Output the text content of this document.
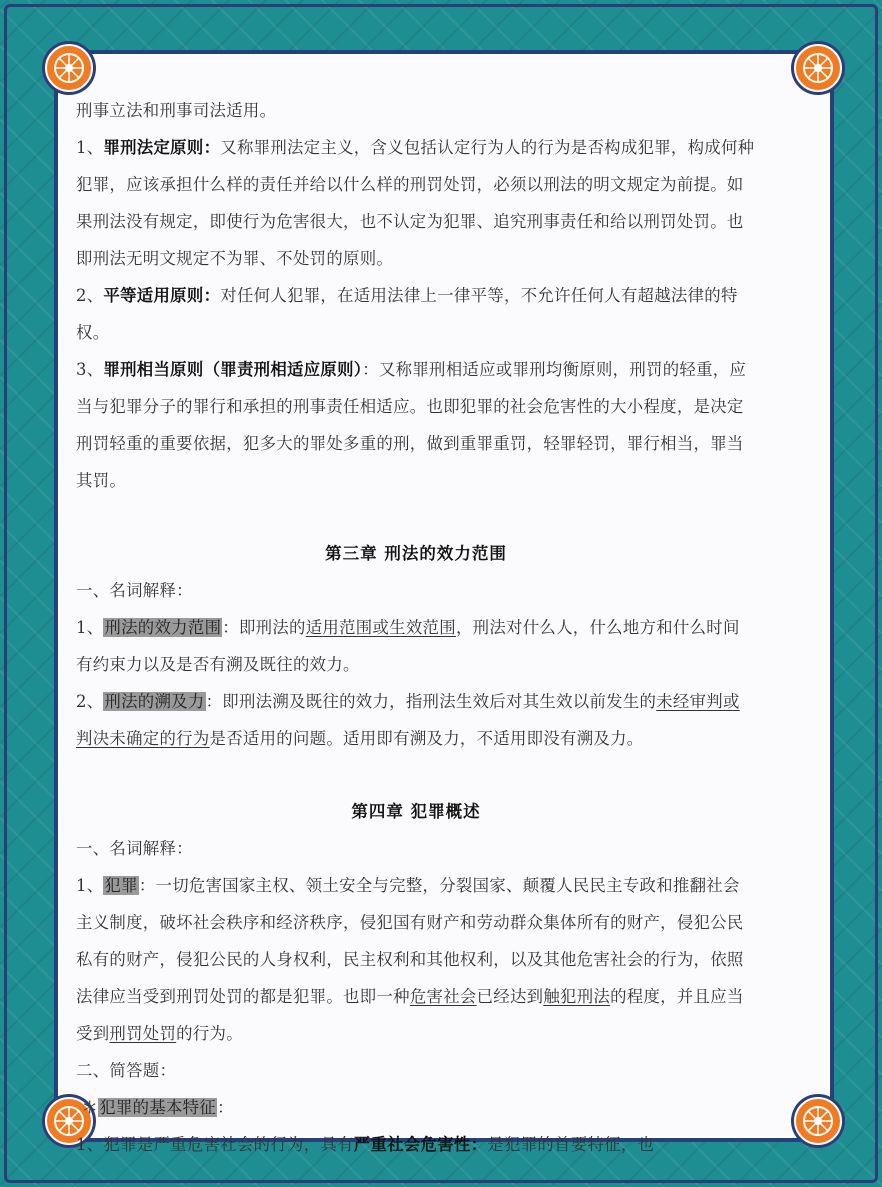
刑事立法和刑事司法适用。

1、罪刑法定原则：又称罪刑法定主义，含义包括认定行为人的行为是否构成犯罪，构成何种犯罪，应该承担什么样的责任并给以什么样的刑罚处罚，必须以刑法的明文规定为前提。如果刑法没有规定，即使行为危害很大，也不认定为犯罪、追究刑事责任和给以刑罚处罚。也即刑法无明文规定不为罪、不处罚的原则。

2、平等适用原则：对任何人犯罪，在适用法律上一律平等，不允许任何人有超越法律的特权。

3、罪刑相当原则（罪责刑相适应原则）：又称罪刑相适应或罪刑均衡原则，刑罚的轻重，应当与犯罪分子的罪行和承担的刑事责任相适应。也即犯罪的社会危害性的大小程度，是决定刑罚轻重的重要依据，犯多大的罪处多重的刑，做到重罪重罚，轻罪轻罚，罪行相当，罪当其罚。

第三章 刑法的效力范围

一、名词解释：

1、刑法的效力范围：即刑法的适用范围或生效范围，刑法对什么人，什么地方和什么时间有约束力以及是否有溯及既往的效力。

2、刑法的溯及力：即刑法溯及既往的效力，指刑法生效后对其生效以前发生的未经审判或判决未确定的行为是否适用的问题。适用即有溯及力，不适用即没有溯及力。

第四章 犯罪概述

一、名词解释：

1、犯罪：一切危害国家主权、领土安全与完整，分裂国家、颠覆人民民主专政和推翻社会主义制度，破坏社会秩序和经济秩序，侵犯国有财产和劳动群众集体所有的财产，侵犯公民私有的财产，侵犯公民的人身权利，民主权利和其他权利，以及其他危害社会的行为，依照法律应当受到刑罚处罚的都是犯罪。也即一种危害社会已经达到触犯刑法的程度，并且应当受到刑罚处罚的行为。

二、简答题：

＊犯罪的基本特征：

1、犯罪是严重危害社会的行为，具有严重社会危害性：是犯罪的首要特征，也
